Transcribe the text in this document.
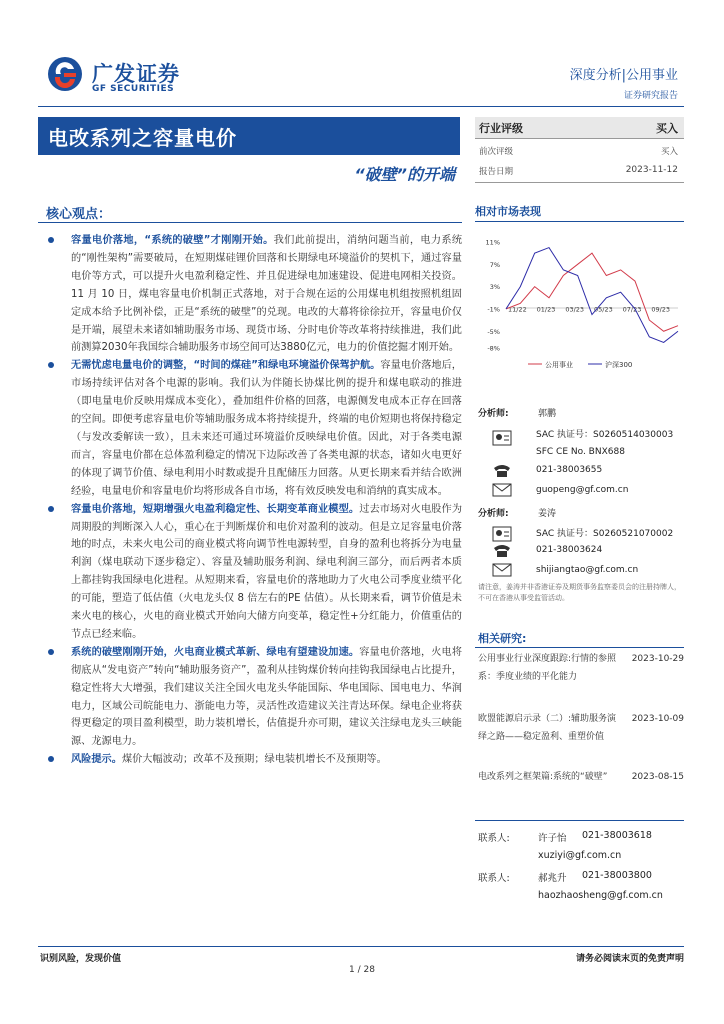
广发证券
GF SECURITIES
深度分析|公用事业
证券研究报告
电改系列之容量电价
“破壁”的开端
行业评级	买入
前次评级	买入
报告日期	2023-11-12
核心观点：

容量电价落地，“系统的破壁”才刚刚开始。我们此前提出，消纳问题当前，电力系统的“刚性架构”需要破局，在短期煤硅锂价回落和长期绿电环境溢价的契机下，通过容量电价等方式，可以提升火电盈利稳定性、并且促进绿电加速建设、促进电网相关投资。11 月 10 日，煤电容量电价机制正式落地，对于合规在运的公用煤电机组按照机组固定成本给予比例补偿，正是“系统的破壁”的兑现。电改的大幕将徐徐拉开，容量电价仅是开端，展望未来诸如辅助服务市场、现货市场、分时电价等改革将持续推进，我们此前测算2030年我国综合辅助服务市场空间可达3880亿元，电力的价值挖掘才刚开始。

无需忧虑电量电价的调整，“时间的煤硅”和绿电环境溢价保驾护航。容量电价落地后，市场持续评估对各个电源的影响。我们认为伴随长协煤比例的提升和煤电联动的推进（即电量电价反映用煤成本变化），叠加组件价格的回落，电源侧发电成本正存在回落的空间。即便考虑容量电价等辅助服务成本将持续提升，终端的电价短期也将保持稳定（与发改委解读一致），且未来还可通过环境溢价反映绿电价值。因此，对于各类电源而言，容量电价都在总体盈利稳定的情况下边际改善了各类电源的状态，诸如火电更好的体现了调节价值、绿电利用小时数或提升且配储压力回落。从更长期来看并结合欧洲经验，电量电价和容量电价均将形成各自市场，将有效反映发电和消纳的真实成本。

容量电价落地，短期增强火电盈利稳定性、长期变革商业模型。过去市场对火电股作为周期股的判断深入人心，重心在于判断煤价和电价对盈利的波动。但是立足容量电价落地的时点，未来火电公司的商业模式将向调节性电源转型，自身的盈利也将拆分为电量利润（煤电联动下逐步稳定）、容量及辅助服务利润、绿电利润三部分，而后两者本质上都挂钩我国绿电化进程。从短期来看，容量电价的落地助力了火电公司季度业绩平化的可能，塑造了低估值（火电龙头仅 8 倍左右的PE 估值）。从长期来看，调节价值是未来火电的核心，火电的商业模式开始向大储方向变革，稳定性+分红能力，价值重估的节点已经来临。

系统的破壁刚刚开始，火电商业模式革新、绿电有望建设加速。容量电价落地，火电将彻底从“发电资产”转向“辅助服务资产”，盈利从挂钩煤价转向挂钩我国绿电占比提升，稳定性将大大增强，我们建议关注全国火电龙头华能国际、华电国际、国电电力、华润电力，区域公司皖能电力、浙能电力等，灵活性改造建议关注青达环保。绿电企业将获得更稳定的项目盈利模型，助力装机增长，估值提升亦可期，建议关注绿电龙头三峡能源、龙源电力。

风险提示。煤价大幅波动；改革不及预期；绿电装机增长不及预期等。

相对市场表现
11%
7%
3%
-1%
-5%
-8%
11/22 01/23 03/23 05/23 07/23 09/23
公用事业	沪深300
分析师:	郭鹏
SAC 执证号：S0260514030003
SFC CE No. BNX688
021-38003655
guopeng@gf.com.cn
分析师:	姜涛
SAC 执证号：S0260521070002
021-38003624
shijiangtao@gf.com.cn
请注意，姜涛并非香港证券及期货事务监察委员会的注册持牌人，不可在香港从事受监管活动。
相关研究:
公用事业行业深度跟踪:行情的参照系：季度业绩的平化能力
2023-10-29
欧盟能源启示录（二）:辅助服务演绎之路——稳定盈利、重塑价值
2023-10-09
电改系列之框架篇:系统的“破壁”	2023-08-15
联系人:	许子怡 021-38003618
xuziyi@gf.com.cn
联系人:	郝兆升 021-38003800
haozhaosheng@gf.com.cn
识别风险，发现价值	请务必阅读末页的免责声明
1 / 28
